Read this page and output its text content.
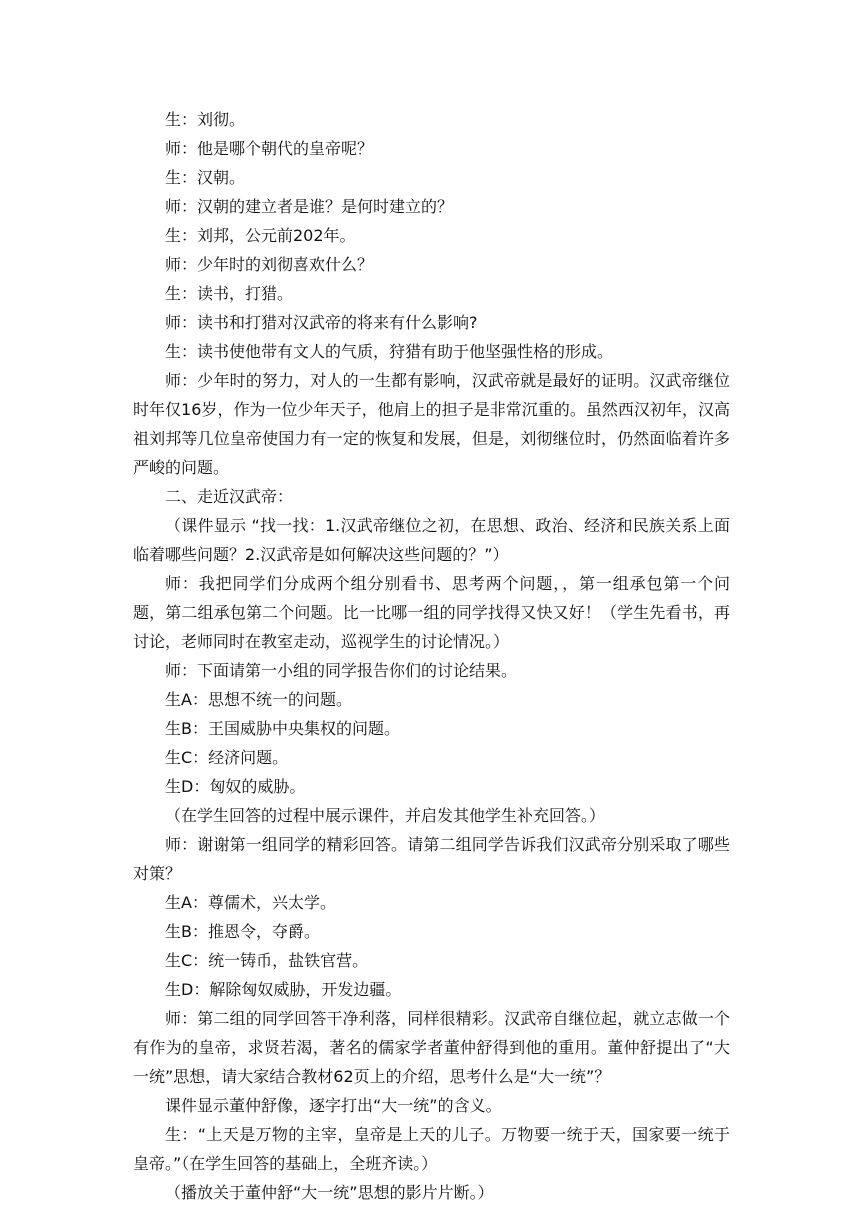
生：刘彻。

师：他是哪个朝代的皇帝呢？

生：汉朝。

师：汉朝的建立者是谁？是何时建立的？

生：刘邦，公元前202年。

师：少年时的刘彻喜欢什么？

生：读书，打猎。

师：读书和打猎对汉武帝的将来有什么影响?

生：读书使他带有文人的气质，狩猎有助于他坚强性格的形成。

师：少年时的努力，对人的一生都有影响，汉武帝就是最好的证明。汉武帝继位时年仅16岁，作为一位少年天子，他肩上的担子是非常沉重的。虽然西汉初年，汉高祖刘邦等几位皇帝使国力有一定的恢复和发展，但是，刘彻继位时，仍然面临着许多严峻的问题。

二、走近汉武帝：

（课件显示 “找一找：1.汉武帝继位之初，在思想、政治、经济和民族关系上面临着哪些问题？2.汉武帝是如何解决这些问题的？”）

师：我把同学们分成两个组分别看书、思考两个问题，，第一组承包第一个问题，第二组承包第二个问题。比一比哪一组的同学找得又快又好！（学生先看书，再讨论，老师同时在教室走动，巡视学生的讨论情况。）

师：下面请第一小组的同学报告你们的讨论结果。

生A：思想不统一的问题。

生B：王国威胁中央集权的问题。

生C：经济问题。

生D：匈奴的威胁。

（在学生回答的过程中展示课件，并启发其他学生补充回答。）

师：谢谢第一组同学的精彩回答。请第二组同学告诉我们汉武帝分别采取了哪些对策？

生A：尊儒术，兴太学。

生B：推恩令，夺爵。

生C：统一铸币，盐铁官营。

生D：解除匈奴威胁，开发边疆。

师：第二组的同学回答干净利落，同样很精彩。汉武帝自继位起，就立志做一个有作为的皇帝，求贤若渴，著名的儒家学者董仲舒得到他的重用。董仲舒提出了“大一统”思想，请大家结合教材62页上的介绍，思考什么是“大一统”？

课件显示董仲舒像，逐字打出“大一统”的含义。

生：“上天是万物的主宰，皇帝是上天的儿子。万物要一统于天，国家要一统于皇帝。”（在学生回答的基础上，全班齐读。）

（播放关于董仲舒“大一统”思想的影片片断。）
